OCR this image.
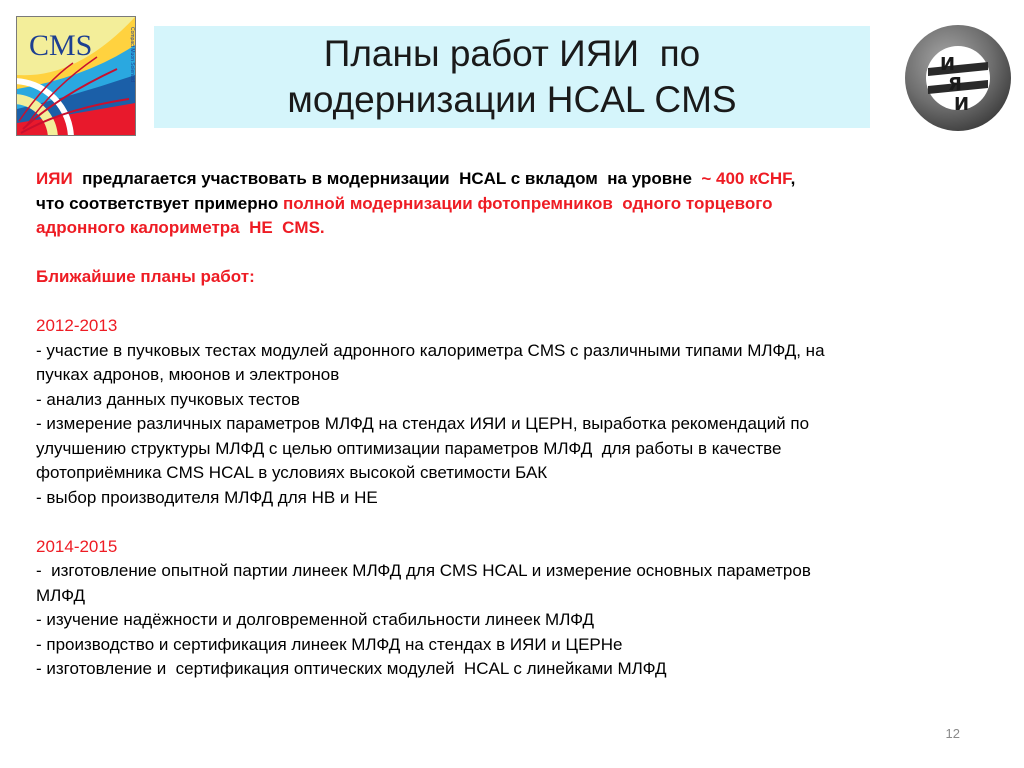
CMS	Compact Muon Solenoid	Планы работ ИЯИ  по
модернизации HCAL CMS
И
Я
И
ИЯИ  предлагается участвовать в модернизации  HCAL с вкладом  на уровне  ~ 400 кCHF,
что соответствует примерно полной модернизации фотопремников  одного торцевого
адронного калориметра  HE  CMS.
Ближайшие планы работ:
2012-2013
- участие в пучковых тестах модулей адронного калориметра CMS с различными типами МЛФД, на
пучках адронов, мюонов и электронов
- анализ данных пучковых тестов
- измерение различных параметров МЛФД на стендах ИЯИ и ЦЕРН, выработка рекомендаций по
улучшению структуры МЛФД с целью оптимизации параметров МЛФД  для работы в качестве
фотоприёмника CMS HCAL в условиях высокой светимости БАК
- выбор производителя МЛФД для HB и HE
2014-2015
-  изготовление опытной партии линеек МЛФД для CMS HCAL и измерение основных параметров
МЛФД
- изучение надёжности и долговременной стабильности линеек МЛФД
- производство и сертификация линеек МЛФД на стендах в ИЯИ и ЦЕРНе
- изготовление и  сертификация оптических модулей  HCAL с линейками МЛФД
12
